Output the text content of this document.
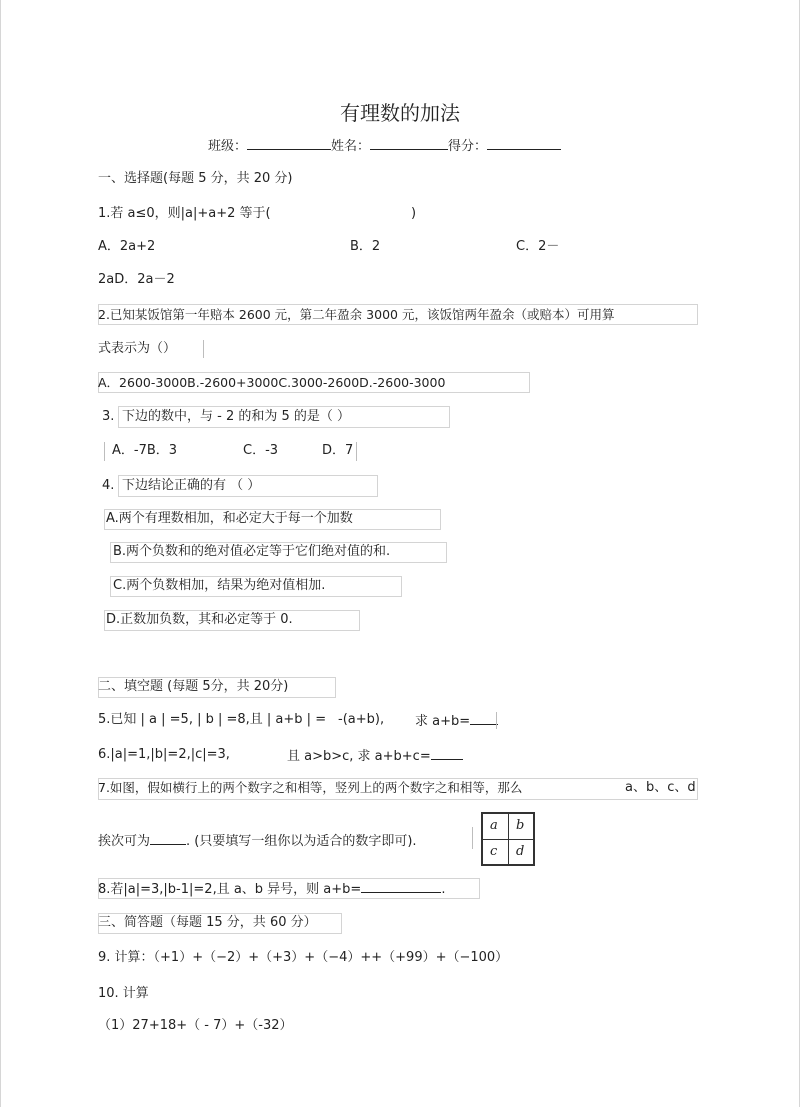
有理数的加法
班级：	姓名：	得分：
一、选择题(每题 5 分，共 20 分)
1.若 a≤0，则|a|+a+2 等于(	)
A．2a+2	B．2	C．2－
2aD．2a－2
2.已知某饭馆第一年赔本 2600 元，第二年盈余 3000 元，该饭馆两年盈余（或赔本）可用算
式表示为（）
A．2600-3000B.-2600+3000C.3000-2600D.-2600-3000
3. 下边的数中，与 - 2 的和为 5 的是（ ）
A．-7B．3	C．-3	D．7
4. 下边结论正确的有 （ ）
A.两个有理数相加，和必定大于每一个加数
B.两个负数和的绝对值必定等于它们绝对值的和.
C.两个负数相加，结果为绝对值相加.
D.正数加负数，其和必定等于 0.
二、填空题 (每题 5分，共 20分)
5.已知 | a | =5, | b | =8,且 | a+b | = -(a+b), 求 a+b=
6.|a|=1,|b|=2,|c|=3,	且 a>b>c, 求 a+b+c=
7.如图，假如横行上的两个数字之和相等，竖列上的两个数字之和相等，那么	a、b、c、d
挨次可为	. (只要填写一组你以为适合的数字即可).
a b
c d
8.若|a|=3,|b-1|=2,且 a、b 异号，则 a+b=	.
三、简答题（每题 15 分，共 60 分）
9. 计算：（+1）+（−2）+（+3）+（−4）++（+99）+（−100）
10. 计算
（1）27+18+（ - 7）+（-32）
